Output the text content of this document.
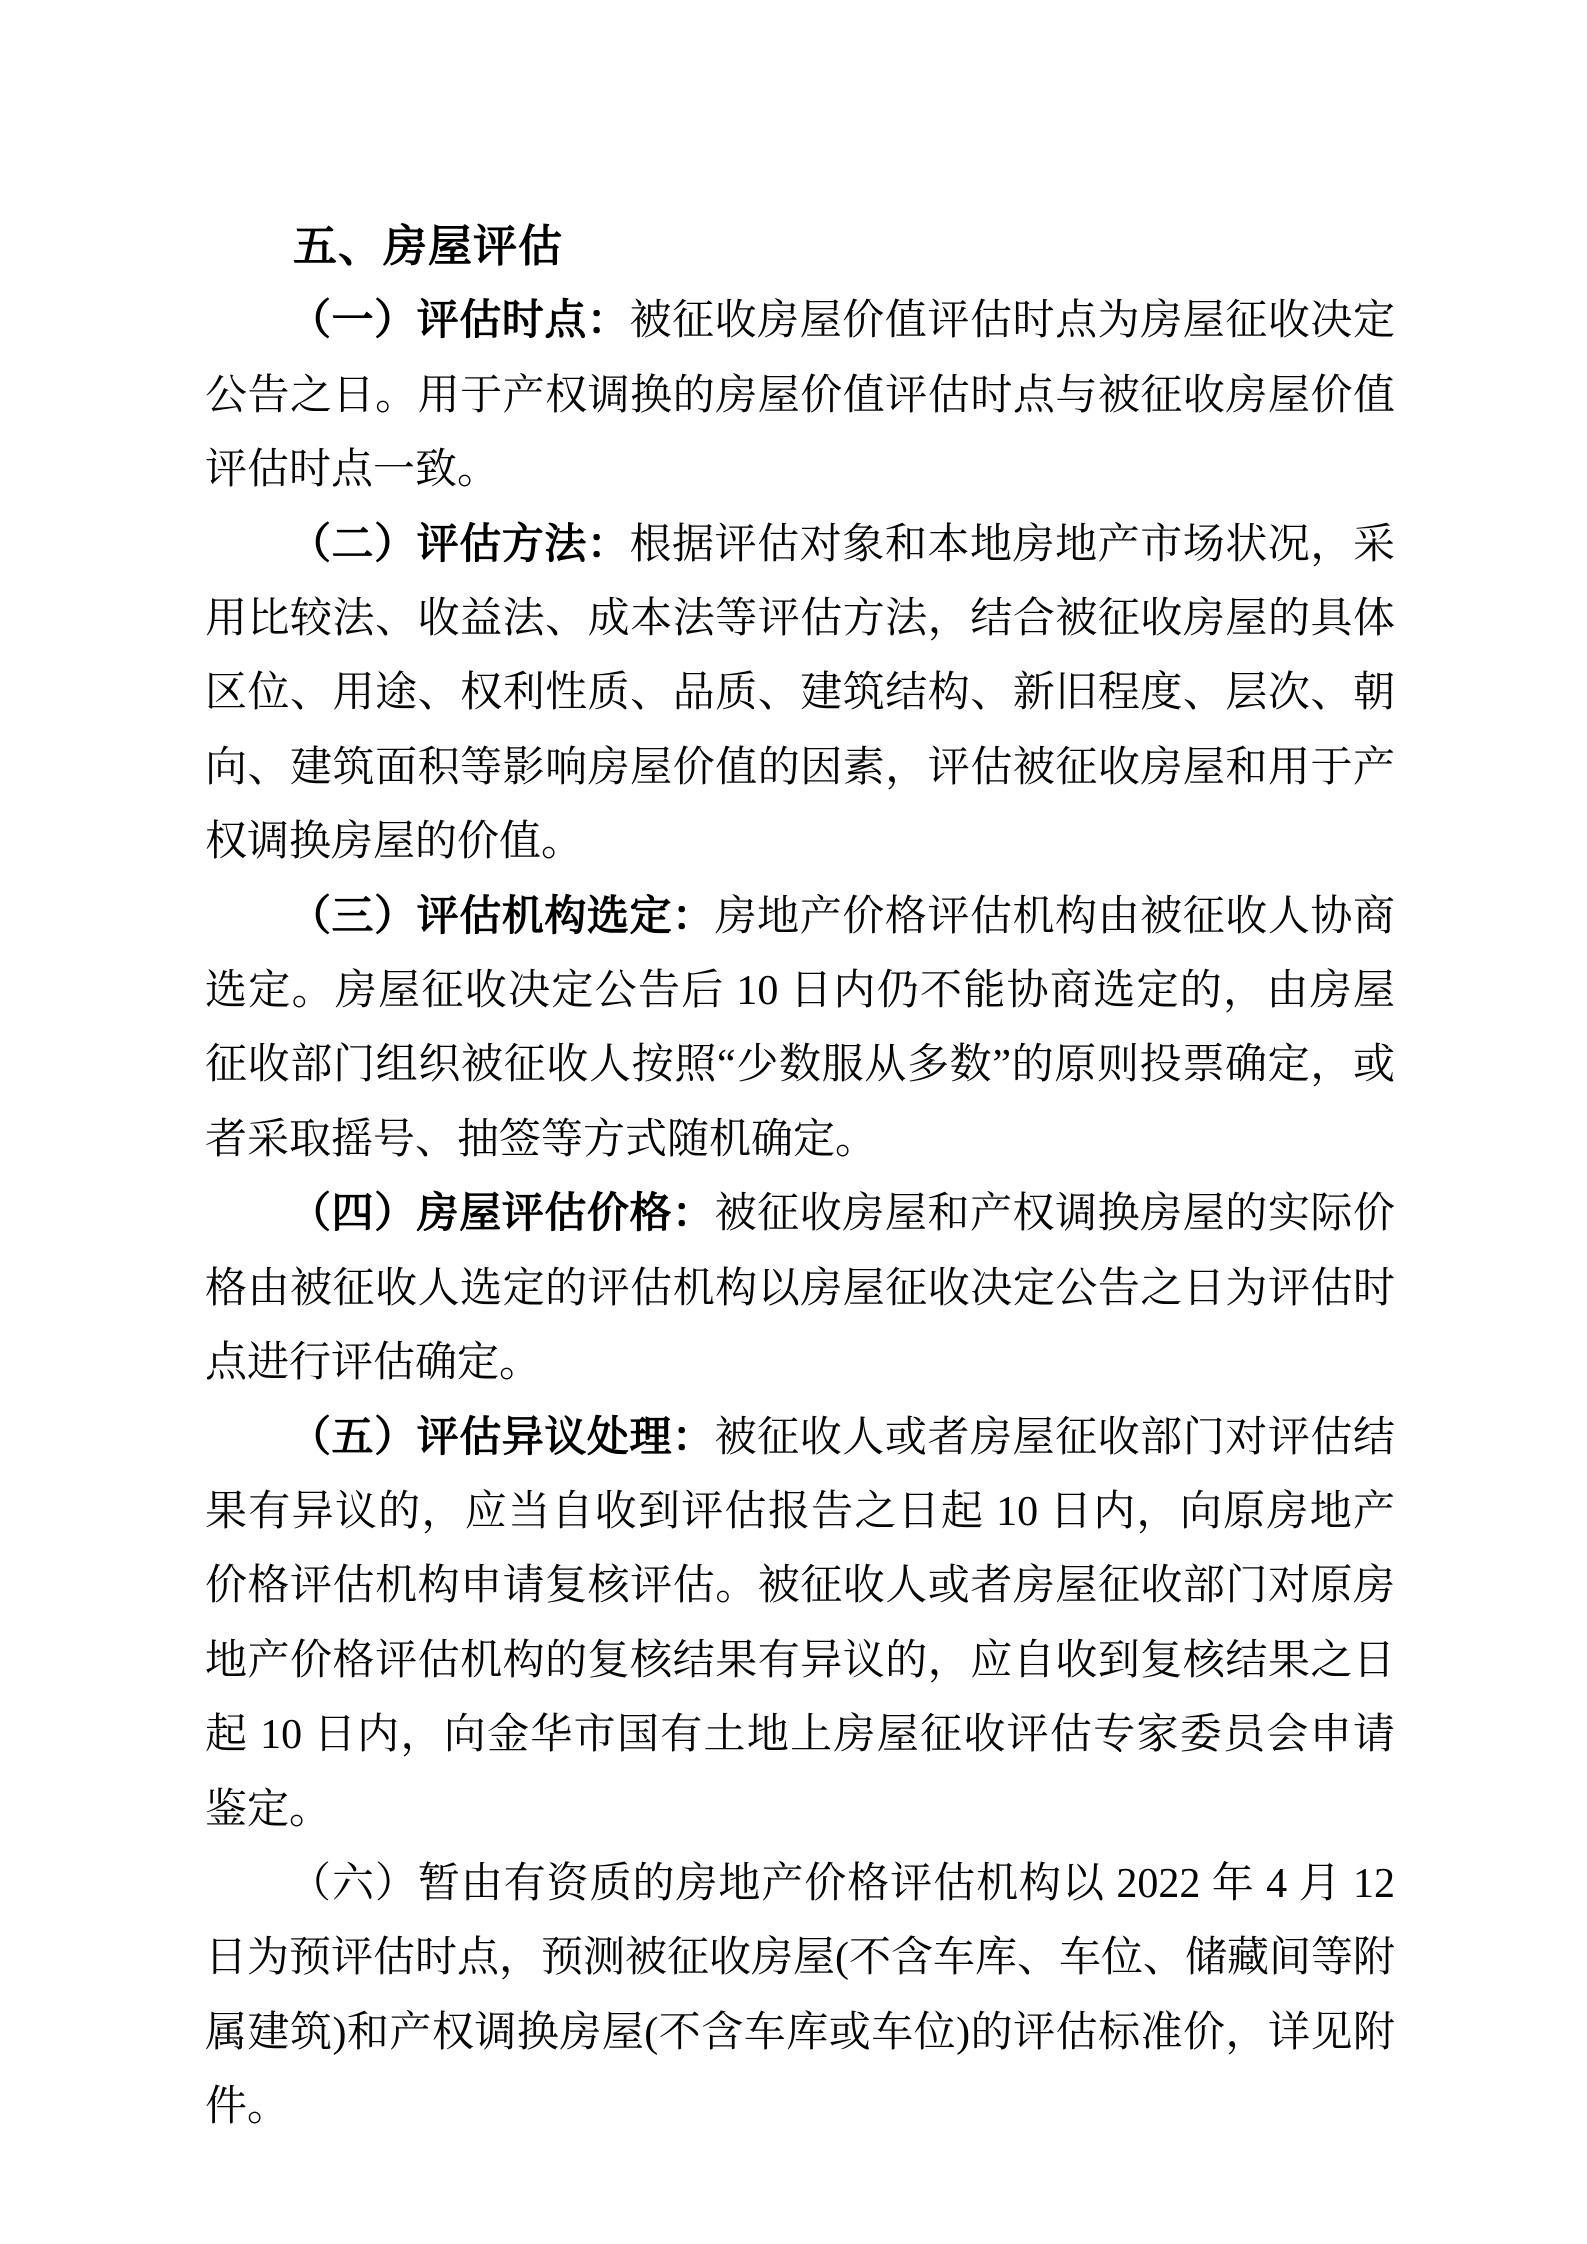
五、房屋评估

（一）评估时点：被征收房屋价值评估时点为房屋征收决定公告之日。用于产权调换的房屋价值评估时点与被征收房屋价值评估时点一致。

（二）评估方法：根据评估对象和本地房地产市场状况，采用比较法、收益法、成本法等评估方法，结合被征收房屋的具体区位、用途、权利性质、品质、建筑结构、新旧程度、层次、朝向、建筑面积等影响房屋价值的因素，评估被征收房屋和用于产权调换房屋的价值。

（三）评估机构选定：房地产价格评估机构由被征收人协商选定。房屋征收决定公告后 10 日内仍不能协商选定的，由房屋征收部门组织被征收人按照“少数服从多数”的原则投票确定，或者采取摇号、抽签等方式随机确定。

（四）房屋评估价格：被征收房屋和产权调换房屋的实际价格由被征收人选定的评估机构以房屋征收决定公告之日为评估时点进行评估确定。

（五）评估异议处理：被征收人或者房屋征收部门对评估结果有异议的，应当自收到评估报告之日起 10 日内，向原房地产价格评估机构申请复核评估。被征收人或者房屋征收部门对原房地产价格评估机构的复核结果有异议的，应自收到复核结果之日起 10 日内，向金华市国有土地上房屋征收评估专家委员会申请鉴定。

（六）暂由有资质的房地产价格评估机构以 2022 年 4 月 12 日为预评估时点，预测被征收房屋(不含车库、车位、储藏间等附属建筑)和产权调换房屋(不含车库或车位)的评估标准价，详见附件。
